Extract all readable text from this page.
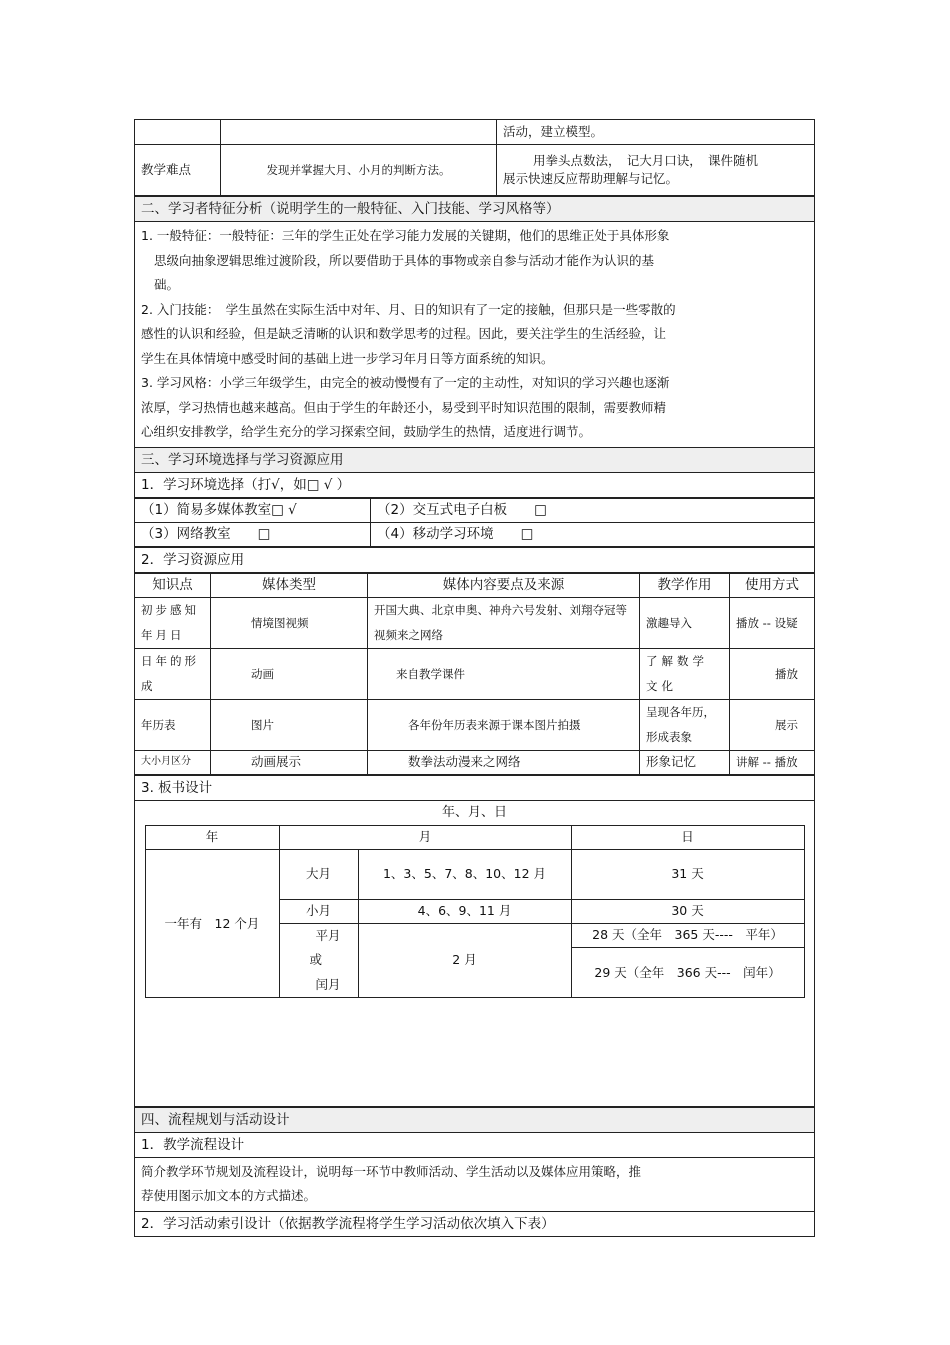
		活动，建立模型。
教学难点	发现并掌握大月、小月的判断方法。	用拳头点数法，　记大月口诀，　课件随机
展示快速反应帮助理解与记忆。
二、学习者特征分析（说明学生的一般特征、入门技能、学习风格等）

1. 一般特征：一般特征：三年的学生正处在学习能力发展的关键期，他们的思维正处于具体形象

思级向抽象逻辑思维过渡阶段，所以要借助于具体的事物或亲自参与活动才能作为认识的基

础。

2. 入门技能：　学生虽然在实际生活中对年、月、日的知识有了一定的接触，但那只是一些零散的

感性的认识和经验，但是缺乏清晰的认识和数学思考的过程。因此，要关注学生的生活经验，让

学生在具体情境中感受时间的基础上进一步学习年月日等方面系统的知识。

3. 学习风格：小学三年级学生，由完全的被动慢慢有了一定的主动性，对知识的学习兴趣也逐渐

浓厚，学习热情也越来越高。但由于学生的年龄还小，易受到平时知识范围的限制，需要教师精

心组织安排教学，给学生充分的学习探索空间，鼓励学生的热情，适度进行调节。

三、学习环境选择与学习资源应用
1．学习环境选择（打√，如□ √ ）
（1）简易多媒体教室□ √	（2）交互式电子白板　　□
（3）网络教室　　□	（4）移动学习环境　　□
2．学习资源应用
知识点	媒体类型	媒体内容要点及来源	教学作用	使用方式
初步感知年月日	情境图视频	开国大典、北京申奥、神舟六号发射、刘翔夺冠等视频来之网络	激趣导入	播放 -- 设疑
日年的形成	动画	来自教学课件	了解数学文化	播放
年历表	图片	各年份年历表来源于课本图片拍摄	呈现各年历，形成表象	展示
大小月区分	动画展示	数拳法动漫来之网络	形象记忆	讲解 -- 播放
3. 板书设计

年、月、日
年	月	日
一年有　12 个月	大月	1、3、5、7、8、10、12 月	31 天
小月	4、6、9、11 月	30 天

平月
或
闰月
	2 月	28 天（全年　365 天----　平年）
29 天（全年　366 天---　闰年）
四、流程规划与活动设计
1．教学流程设计

简介教学环节规划及流程设计，说明每一环节中教师活动、学生活动以及媒体应用策略，推

荐使用图示加文本的方式描述。

2．学习活动索引设计（依据教学流程将学生学习活动依次填入下表）
